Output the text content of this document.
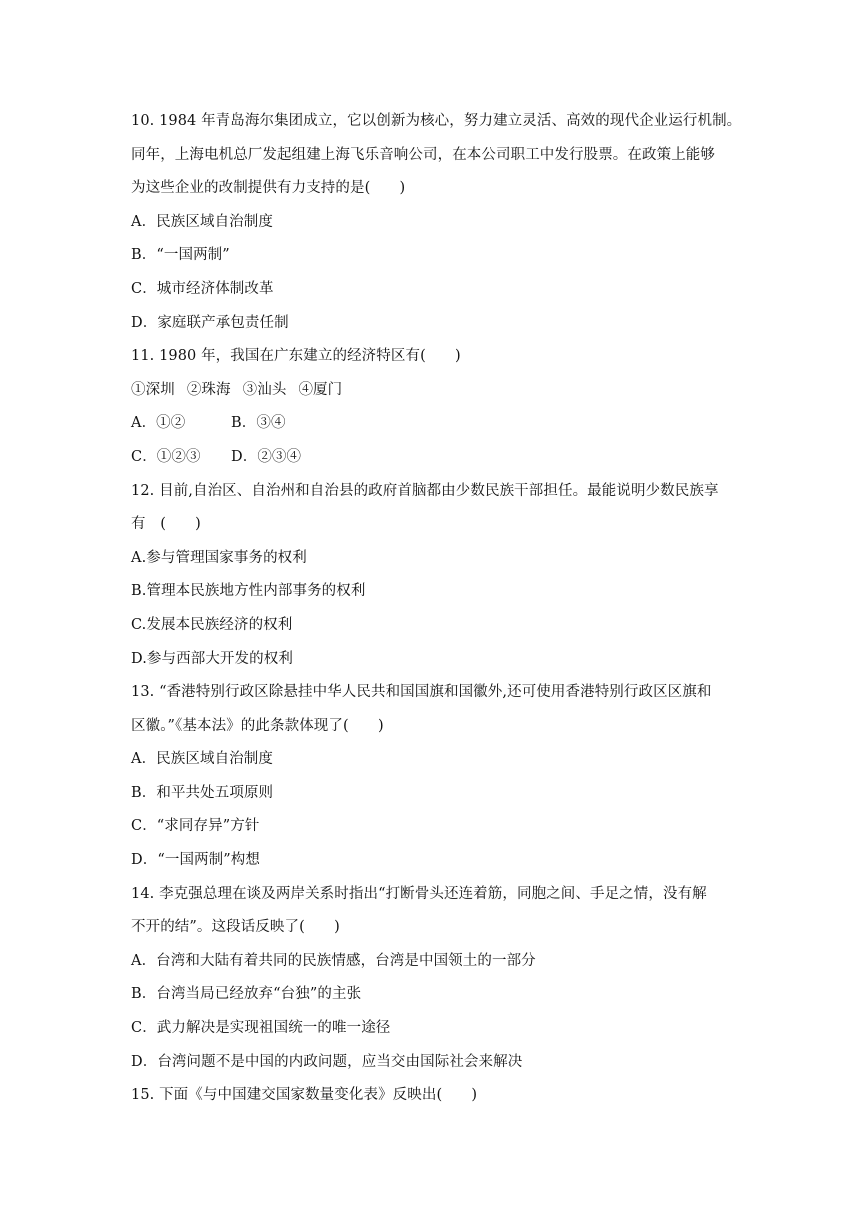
10. 1984 年青岛海尔集团成立，它以创新为核心，努力建立灵活、高效的现代企业运行机制。
同年，上海电机总厂发起组建上海飞乐音响公司，在本公司职工中发行股票。在政策上能够
为这些企业的改制提供有力支持的是(　　)
A．民族区域自治制度
B．“一国两制”
C．城市经济体制改革
D．家庭联产承包责任制
11. 1980 年，我国在广东建立的经济特区有(　　)
①深圳 ②珠海 ③汕头 ④厦门
A．①②	B．③④
C．①②③ D．②③④
12. 目前,自治区、自治州和自治县的政府首脑都由少数民族干部担任。最能说明少数民族享
有　(　　)
A.参与管理国家事务的权利
B.管理本民族地方性内部事务的权利
C.发展本民族经济的权利
D.参与西部大开发的权利
13. “香港特别行政区除悬挂中华人民共和国国旗和国徽外,还可使用香港特别行政区区旗和
区徽。”《基本法》的此条款体现了(　　)
A．民族区域自治制度
B．和平共处五项原则
C．“求同存异”方针
D．“一国两制”构想
14. 李克强总理在谈及两岸关系时指出“打断骨头还连着筋，同胞之间、手足之情，没有解
不开的结”。这段话反映了(　　)
A．台湾和大陆有着共同的民族情感，台湾是中国领土的一部分
B．台湾当局已经放弃“台独”的主张
C．武力解决是实现祖国统一的唯一途径
D．台湾问题不是中国的内政问题，应当交由国际社会来解决
15. 下面《与中国建交国家数量变化表》反映出(　　)
